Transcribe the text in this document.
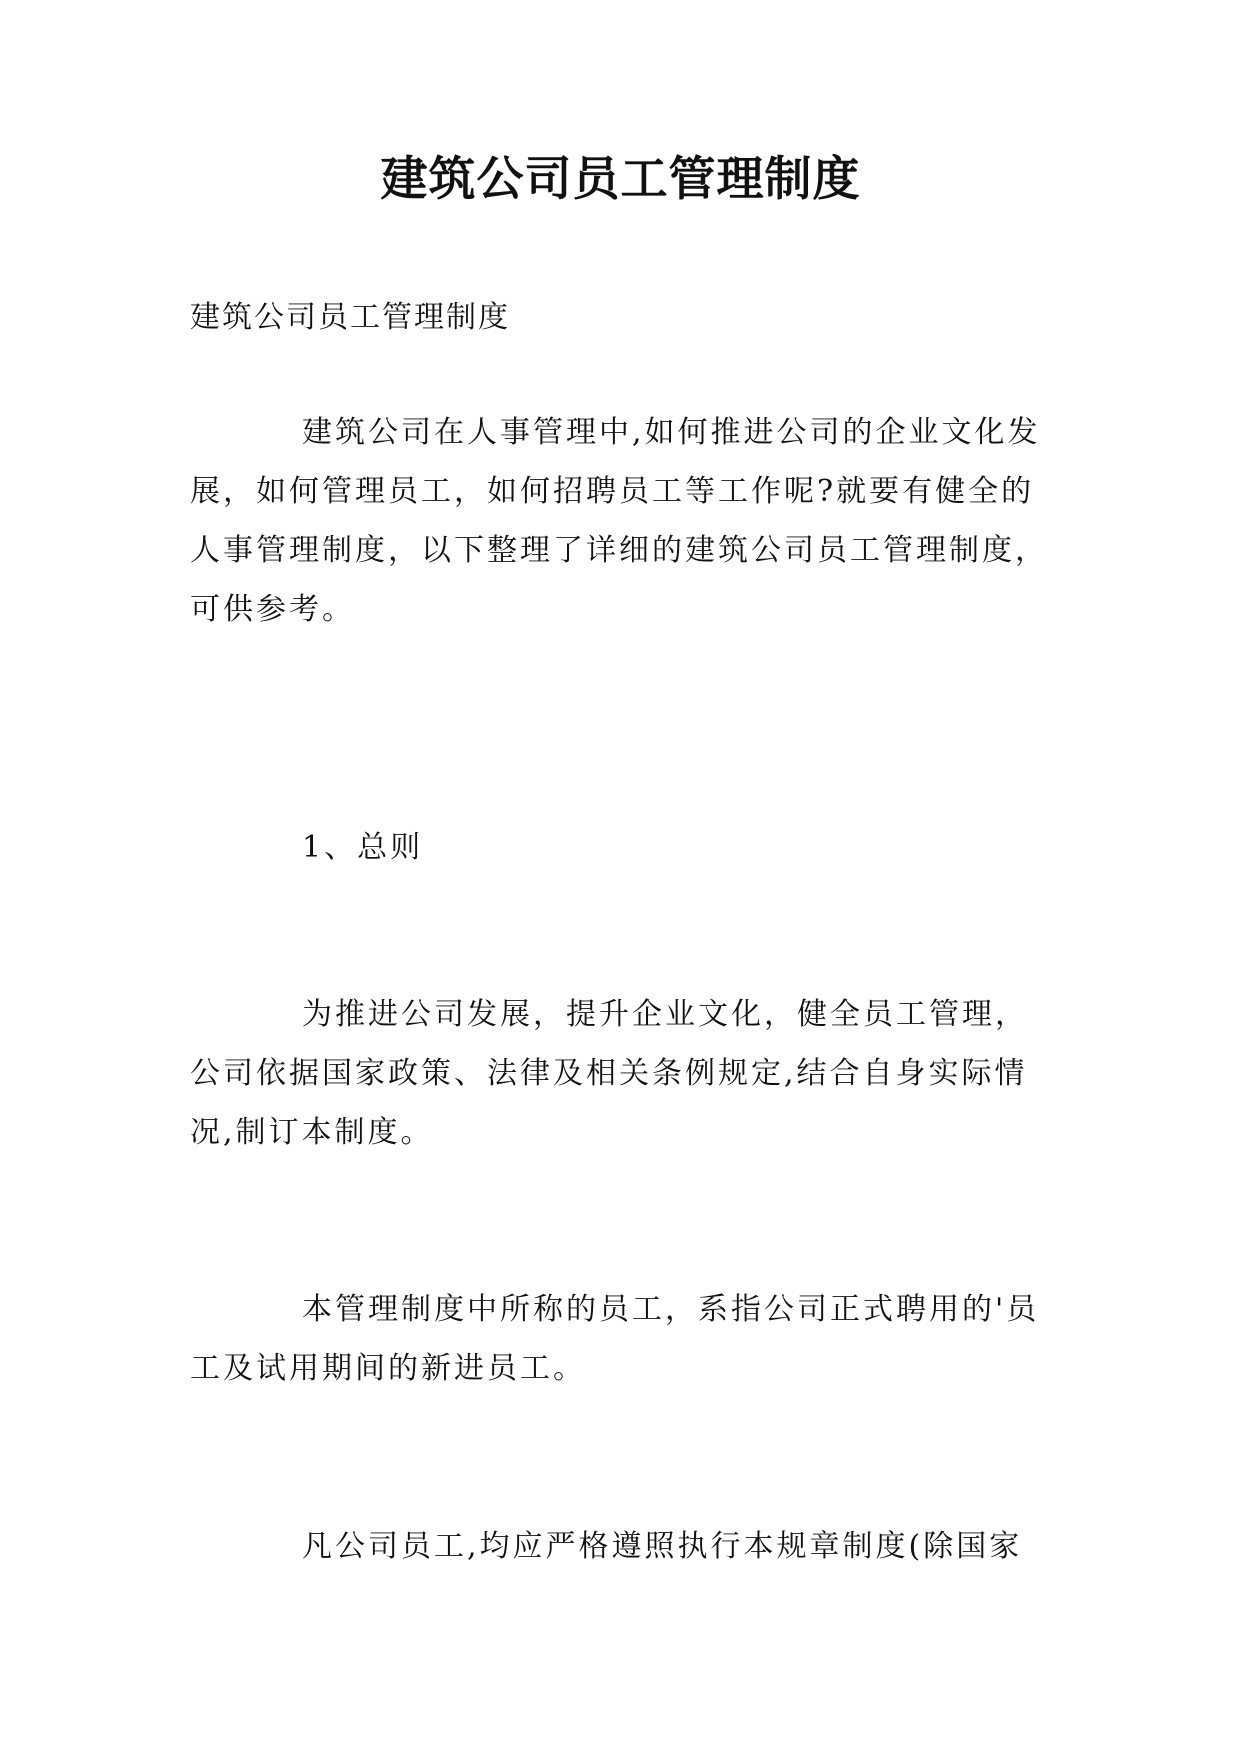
建筑公司员工管理制度

建筑公司员工管理制度

建筑公司在人事管理中,如何推进公司的企业文化发展，如何管理员工，如何招聘员工等工作呢?就要有健全的人事管理制度，以下整理了详细的建筑公司员工管理制度，可供参考。

1、总则

为推进公司发展，提升企业文化，健全员工管理，公司依据国家政策、法律及相关条例规定,结合自身实际情况,制订本制度。

本管理制度中所称的员工，系指公司正式聘用的'员工及试用期间的新进员工。

凡公司员工,均应严格遵照执行本规章制度(除国家
